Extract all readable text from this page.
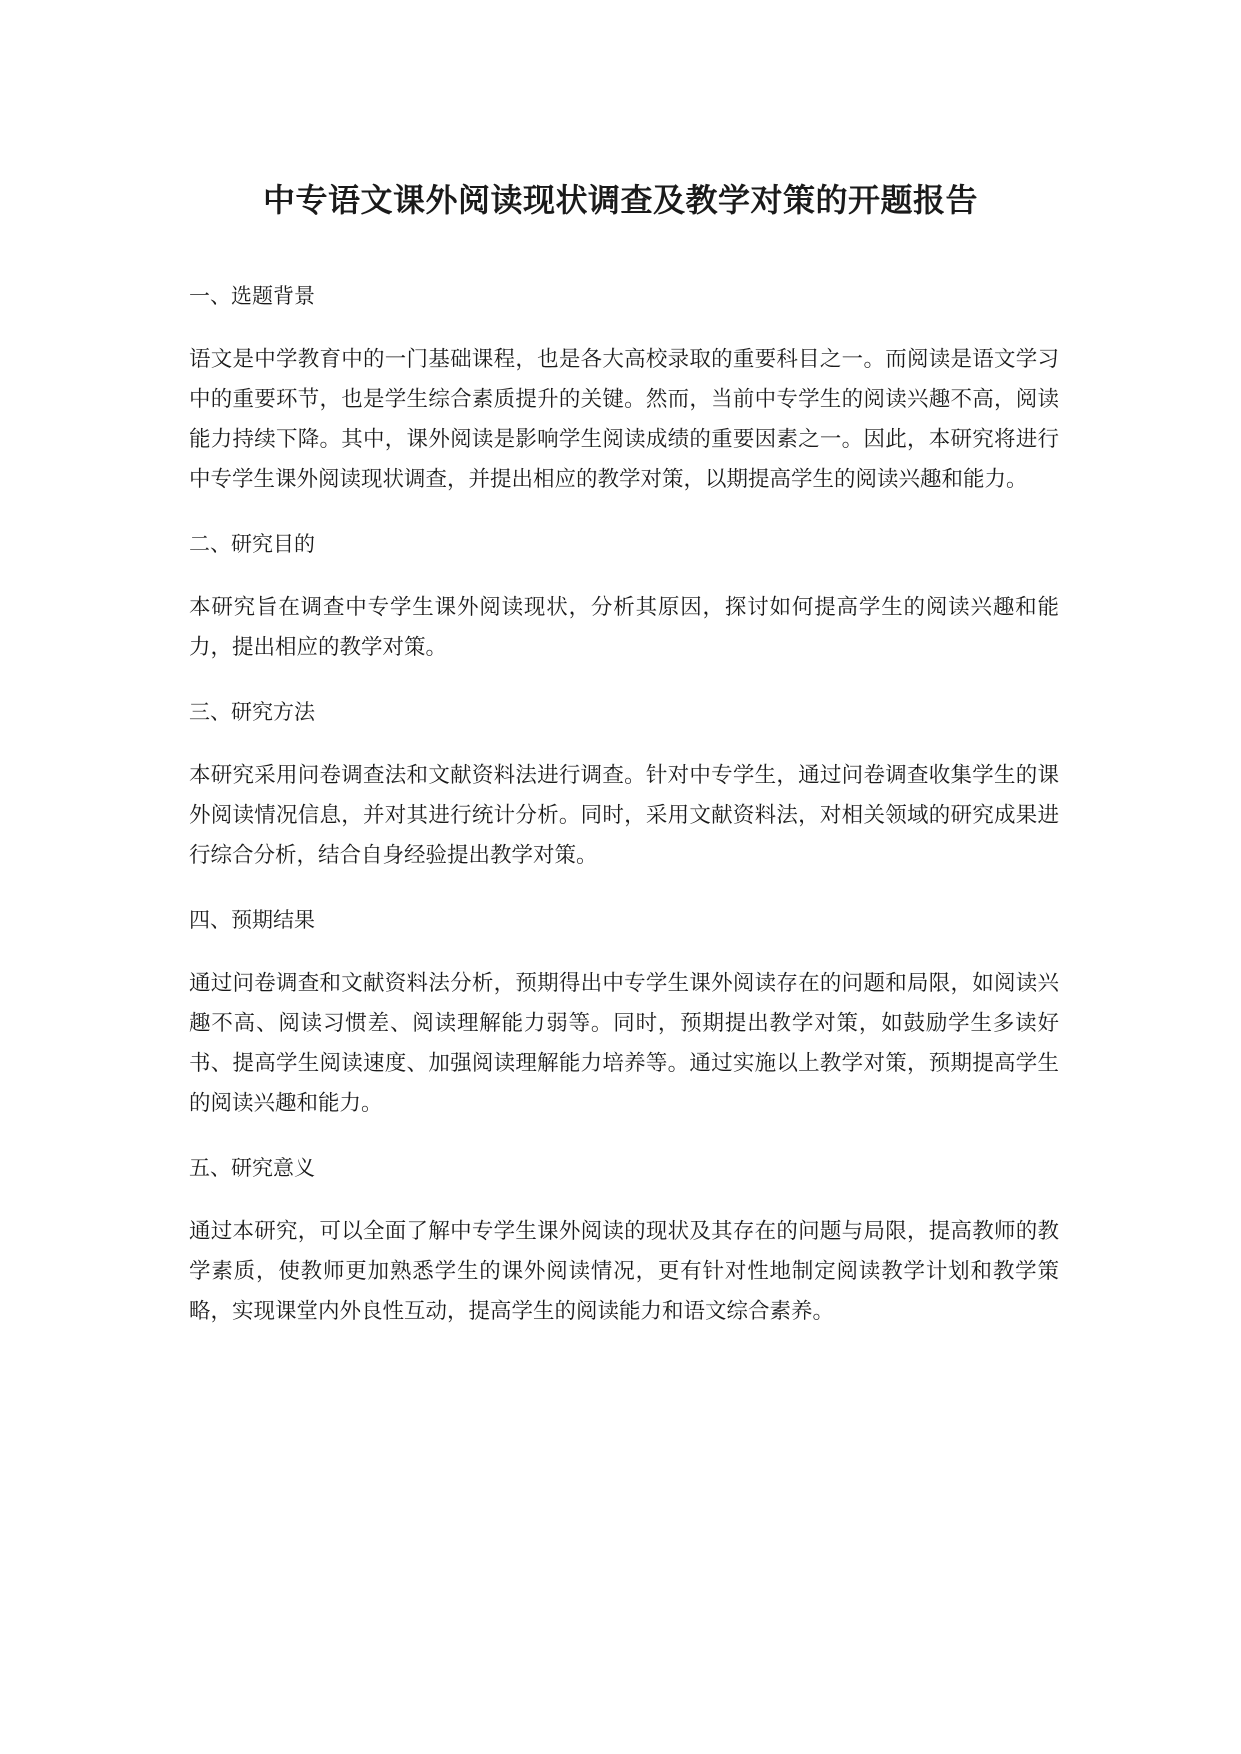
中专语文课外阅读现状调查及教学对策的开题报告
一、选题背景

语文是中学教育中的一门基础课程，也是各大高校录取的重要科目之一。而阅读是语文学习中的重要环节，也是学生综合素质提升的关键。然而，当前中专学生的阅读兴趣不高，阅读能力持续下降。其中，课外阅读是影响学生阅读成绩的重要因素之一。因此，本研究将进行中专学生课外阅读现状调查，并提出相应的教学对策，以期提高学生的阅读兴趣和能力。

二、研究目的

本研究旨在调查中专学生课外阅读现状，分析其原因，探讨如何提高学生的阅读兴趣和能力，提出相应的教学对策。

三、研究方法

本研究采用问卷调查法和文献资料法进行调查。针对中专学生，通过问卷调查收集学生的课外阅读情况信息，并对其进行统计分析。同时，采用文献资料法，对相关领域的研究成果进行综合分析，结合自身经验提出教学对策。

四、预期结果

通过问卷调查和文献资料法分析，预期得出中专学生课外阅读存在的问题和局限，如阅读兴趣不高、阅读习惯差、阅读理解能力弱等。同时，预期提出教学对策，如鼓励学生多读好书、提高学生阅读速度、加强阅读理解能力培养等。通过实施以上教学对策，预期提高学生的阅读兴趣和能力。

五、研究意义

通过本研究，可以全面了解中专学生课外阅读的现状及其存在的问题与局限，提高教师的教学素质，使教师更加熟悉学生的课外阅读情况，更有针对性地制定阅读教学计划和教学策略，实现课堂内外良性互动，提高学生的阅读能力和语文综合素养。
